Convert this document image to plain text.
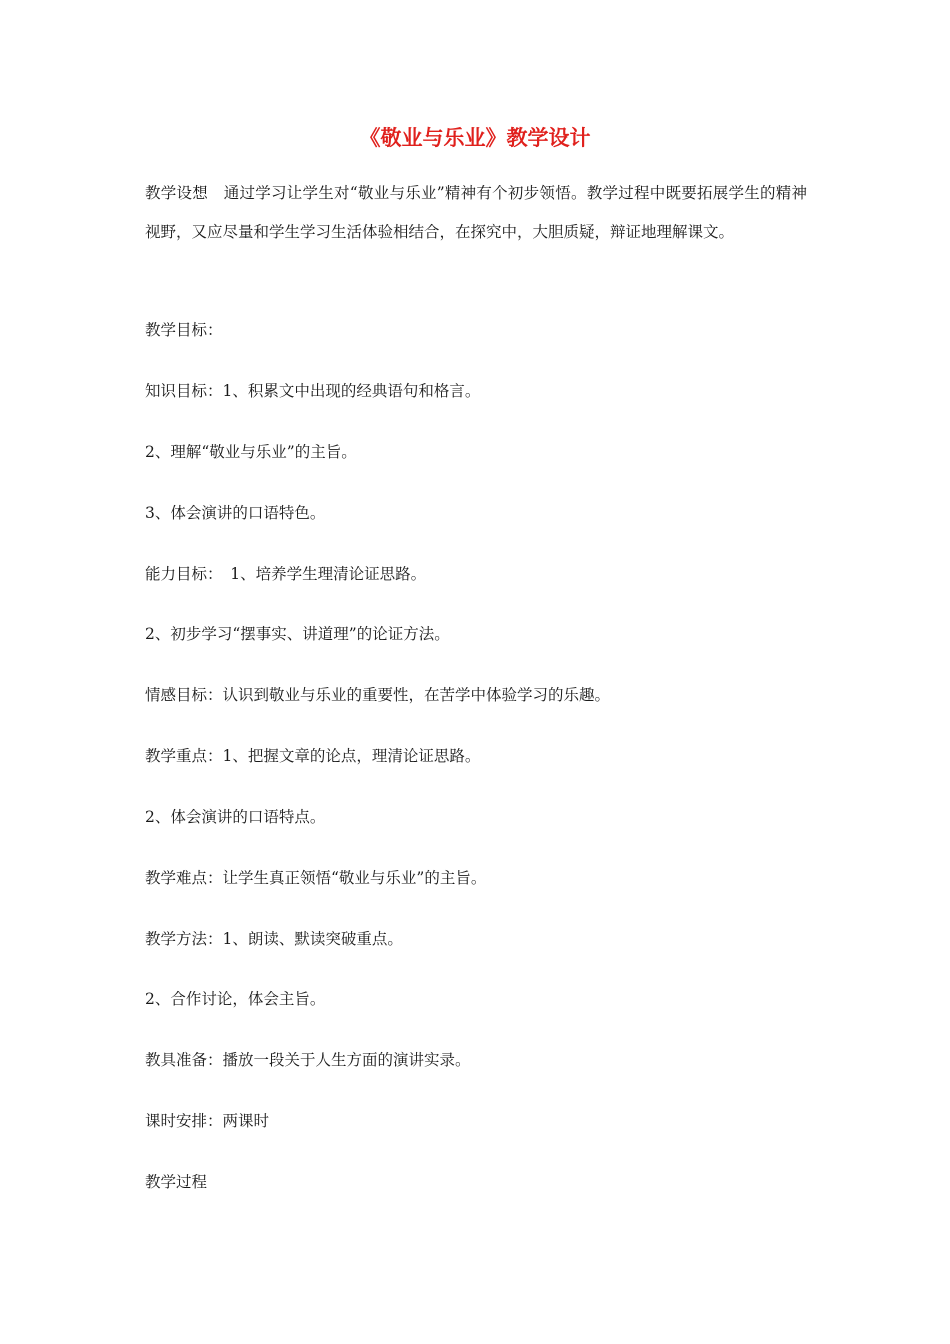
《敬业与乐业》教学设计

教学设想　通过学习让学生对“敬业与乐业”精神有个初步领悟。教学过程中既要拓展学生的精神视野，又应尽量和学生学习生活体验相结合，在探究中，大胆质疑，辩证地理解课文。

教学目标：

知识目标：1、积累文中出现的经典语句和格言。

2、理解“敬业与乐业”的主旨。

3、体会演讲的口语特色。

能力目标：　1、培养学生理清论证思路。

2、初步学习“摆事实、讲道理”的论证方法。

情感目标：认识到敬业与乐业的重要性，在苦学中体验学习的乐趣。

教学重点：1、把握文章的论点，理清论证思路。

2、体会演讲的口语特点。

教学难点：让学生真正领悟“敬业与乐业”的主旨。

教学方法：1、朗读、默读突破重点。

2、合作讨论，体会主旨。

教具准备：播放一段关于人生方面的演讲实录。

课时安排：两课时

教学过程
